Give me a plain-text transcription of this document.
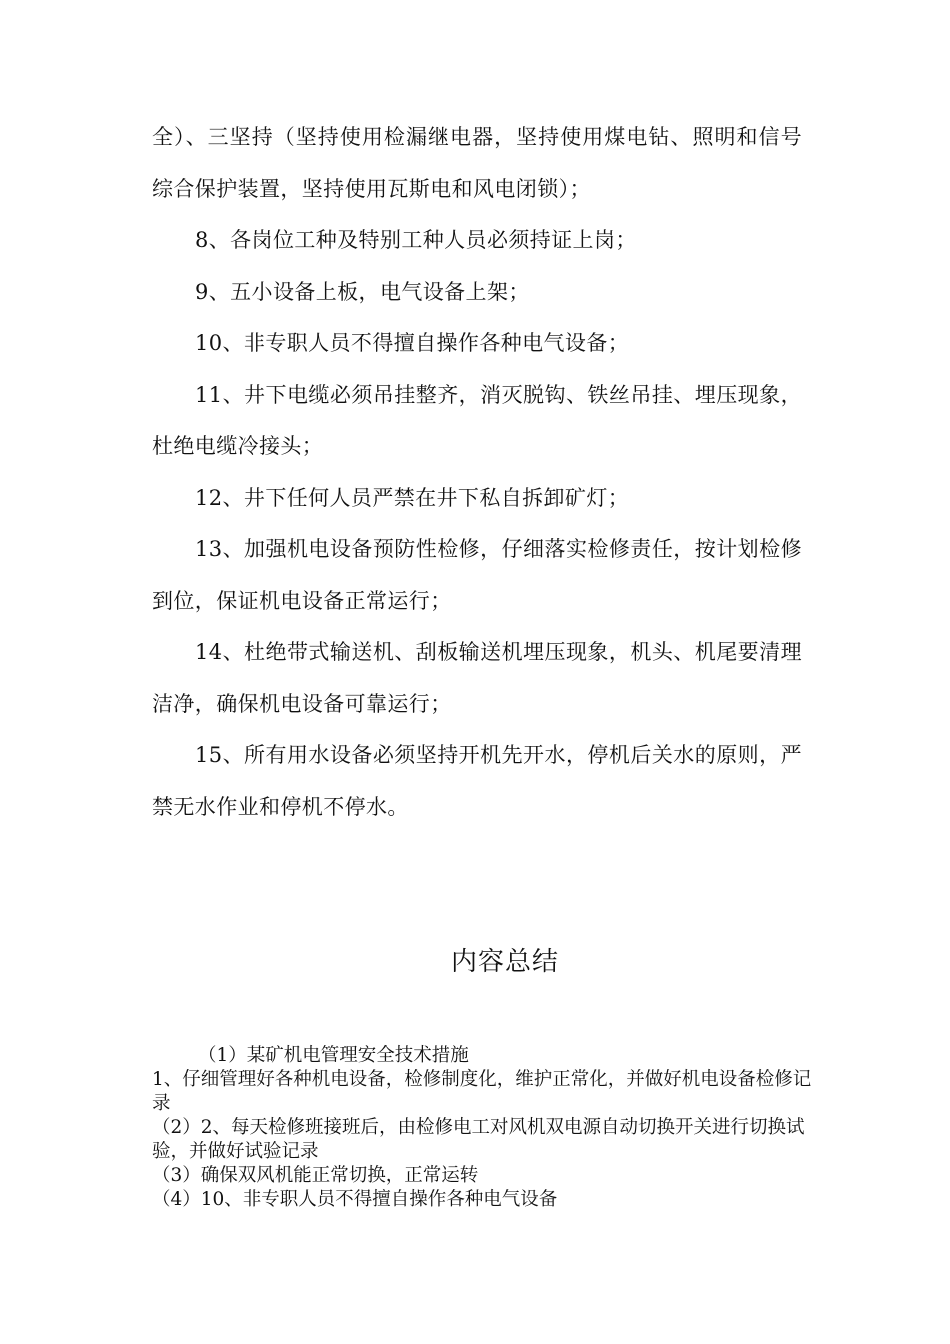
全）、三坚持（坚持使用检漏继电器，坚持使用煤电钻、照明和信号综合保护装置，坚持使用瓦斯电和风电闭锁）；

8、各岗位工种及特别工种人员必须持证上岗；

9、五小设备上板，电气设备上架；

10、非专职人员不得擅自操作各种电气设备；

11、井下电缆必须吊挂整齐，消灭脱钩、铁丝吊挂、埋压现象，杜绝电缆冷接头；

12、井下任何人员严禁在井下私自拆卸矿灯；

13、加强机电设备预防性检修，仔细落实检修责任，按计划检修到位，保证机电设备正常运行；

14、杜绝带式输送机、刮板输送机埋压现象，机头、机尾要清理洁净，确保机电设备可靠运行；

15、所有用水设备必须坚持开机先开水，停机后关水的原则，严禁无水作业和停机不停水。

内容总结

（1）某矿机电管理安全技术措施

1、仔细管理好各种机电设备，检修制度化，维护正常化，并做好机电设备检修记录

（2）2、每天检修班接班后，由检修电工对风机双电源自动切换开关进行切换试验，并做好试验记录

（3）确保双风机能正常切换，正常运转

（4）10、非专职人员不得擅自操作各种电气设备
